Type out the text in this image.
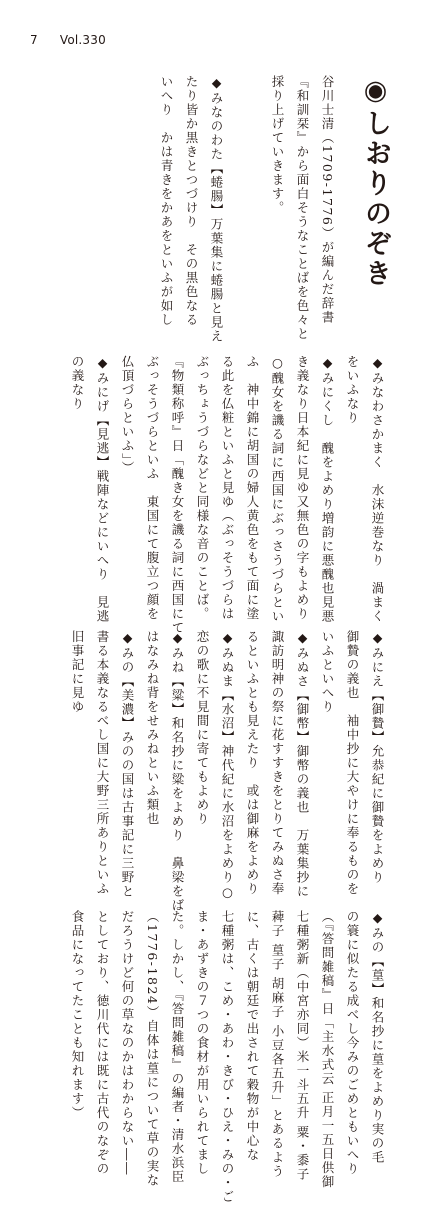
7 Vol.330
◉しおりのぞき
谷川士清（1709-1776）が編んだ辞書
『和訓栞』から面白そうなことばを色々と
採り上げていきます。
◆みなのわた【蜷腸】万葉集に蜷腸と見え
たり皆か黒きとつづけり　その黒色なる
いへり　かは青きをかあをといふが如し
◆みなわさかまく　水沫逆巻なり　渦まく
をいふなり
◆みにくし　醜をよめり増韵に悪醜也見悪
き義なり日本紀に見ゆ又無色の字もよめり
○醜女を譏る詞に西国にぶっさうづらとい
ふ　神中錦に胡国の婦人黄色をもて面に塗
る此を仏粧といふと見ゆ（ぶっそうづらは
ぶっちょうづらなどと同様な音のことば。
『物類称呼』日「醜き女を譏る詞に西国にて
ぶっそうづらといふ　東国にて腹立つ顔を
仏頂づらといふ」）
◆みにげ【見逃】戦陣などにいへり　見逃
の義なり
◆みにえ【御贄】允恭紀に御贄をよめり
御贄の義也　袖中抄に大やけに奉るものを
いふといへり
◆みぬさ【御幣】御幣の義也　万葉集抄に
諏訪明神の祭に花すすきをとりてみぬさ奉
るといふとも見えたり　或は御麻をよめり
◆みぬま【水沼】神代紀に水沼をよめり○
恋の歌に不見間に寄てもよめり
◆みね【粱】和名抄に粱をよめり　鼻梁をば
はなみね背をせみねといふ類也
◆みの【美濃】みのの国は古事記に三野と
書る本義なるべし国に大野三所ありといふ
旧事記に見ゆ
◆みの【葟】和名抄に葟をよめり実の毛
の簑に似たる成べし今みのごめともいへり
（『答問雑稿』日「主水式云 正月一五日供御
七種粥新（中宮亦同）米一斗五升 粟・黍子
薭子 葟子 胡麻子 小豆各五升」とあるよう
に、古くは朝廷で出されて穀物が中心な
七種粥は、こめ・あわ・きび・ひえ・みの・ご
ま・あずきの７つの食材が用いられてまし
た。しかし、『答問雑稿』の編者・清水浜臣
（1776-1824）自体は葟について草の実な
だろうけど何の草なのかはわからない――
としており、徳川代には既に古代のなぞの
食品になってたことも知れます）
